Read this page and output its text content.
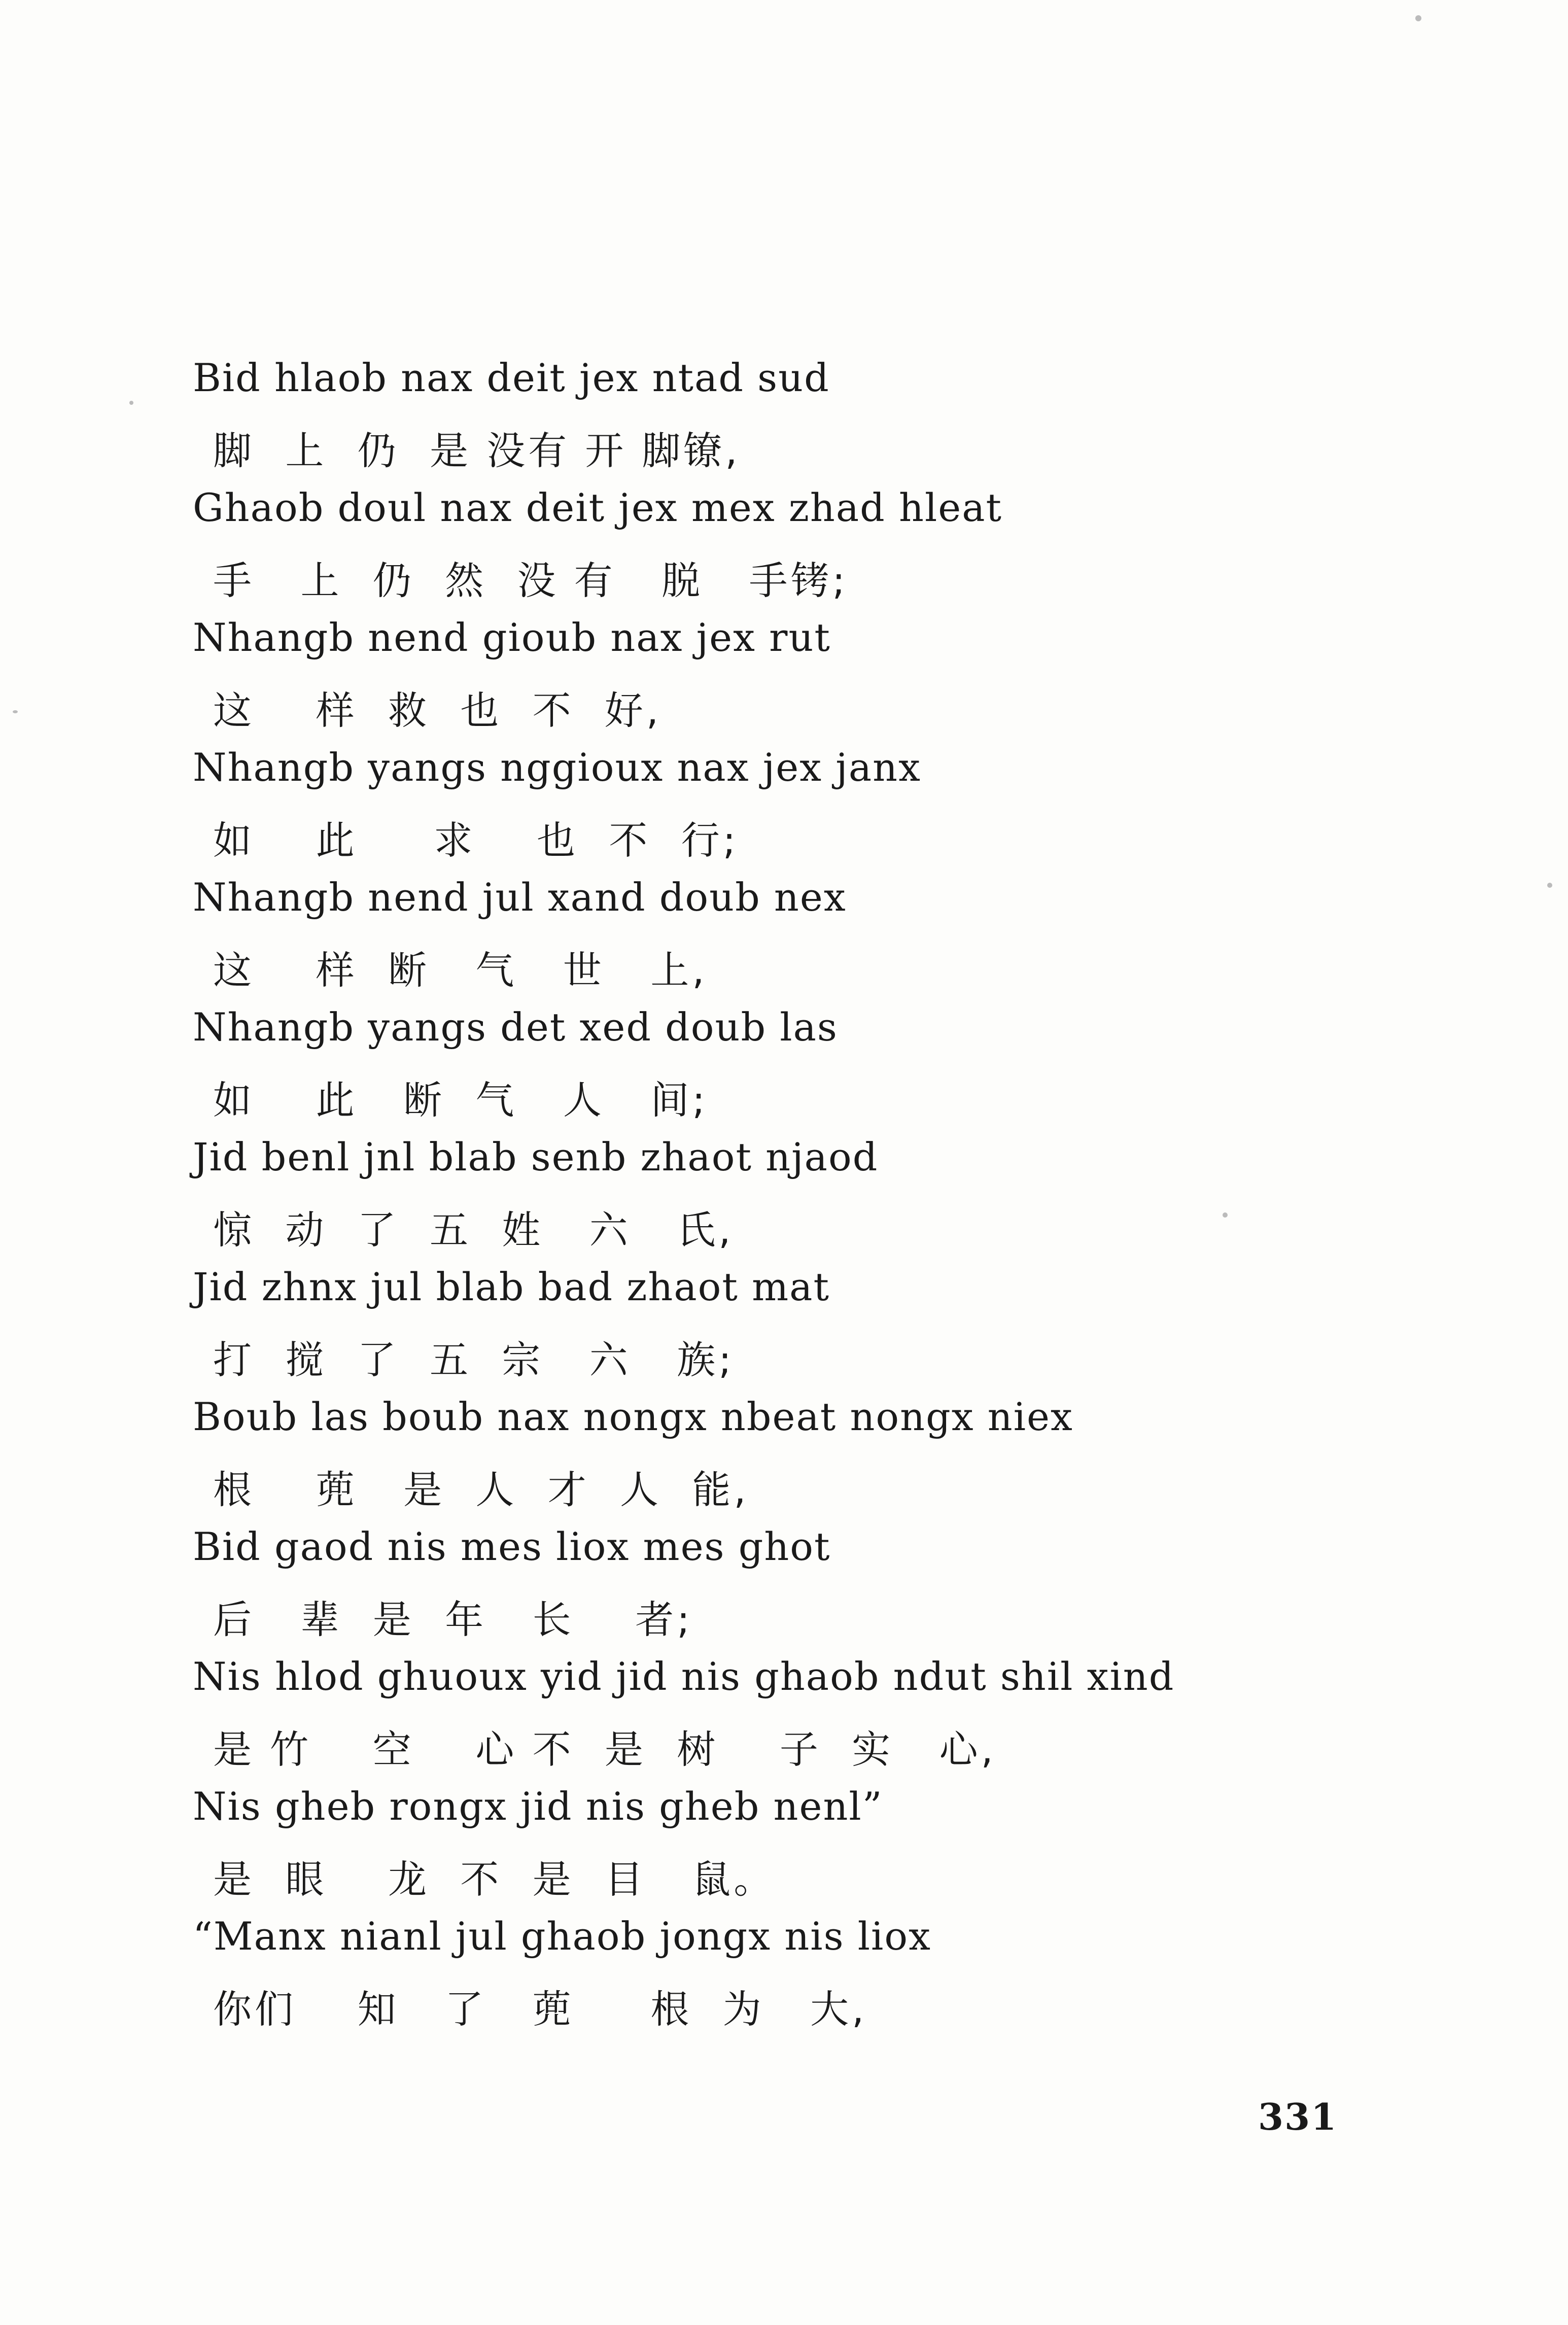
Bid hlaob nax deit jex ntad sud
脚  上  仍  是 没有 开 脚镣,
Ghaob doul nax deit jex mex zhad hleat
手   上  仍  然  没 有   脱   手铐;
Nhangb nend gioub nax jex rut
这    样  救  也  不  好,
Nhangb yangs nggioux nax jex janx
如    此     求    也  不  行;
Nhangb nend jul xand doub nex
这    样  断   气   世   上,
Nhangb yangs det xed doub las
如    此   断  气   人   间;
Jid benl jnl blab senb zhaot njaod
惊  动  了  五  姓   六   氏,
Jid zhnx jul blab bad zhaot mat
打  搅  了  五  宗   六   族;
Boub las boub nax nongx nbeat nongx niex
根    蔸   是  人  才  人  能,
Bid gaod nis mes liox mes ghot
后   辈  是  年   长    者;
Nis hlod ghuoux yid jid nis ghaob ndut shil xind
是 竹    空    心 不  是  树    子  实   心,
Nis gheb rongx jid nis gheb nenl”
是  眼    龙  不  是  目   鼠。
“Manx nianl jul ghaob jongx nis liox
你们    知   了   蔸     根  为   大,
331
